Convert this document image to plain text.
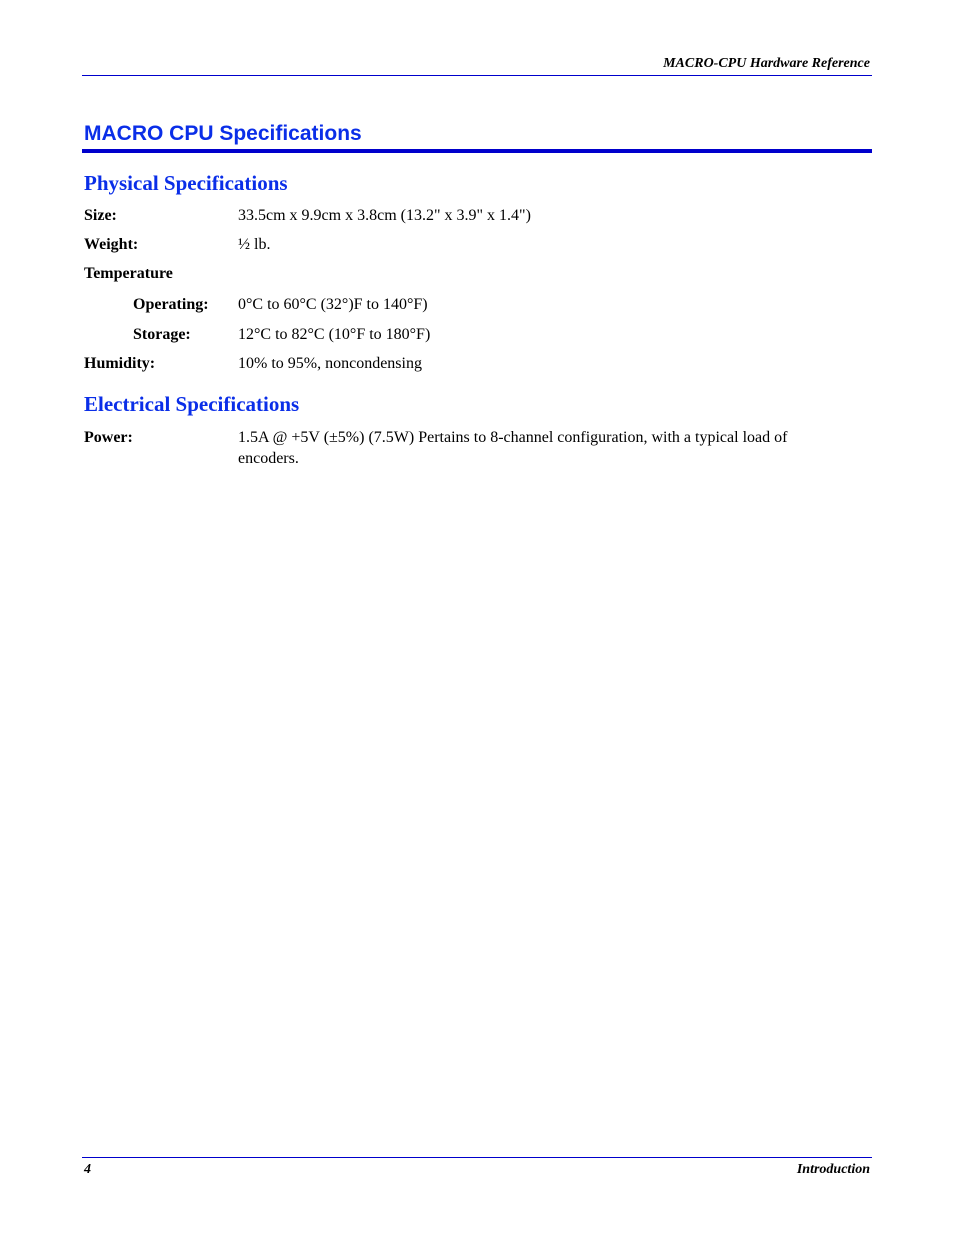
MACRO-CPU Hardware Reference
MACRO CPU Specifications
Physical Specifications
Size:	33.5cm x 9.9cm x 3.8cm (13.2" x 3.9" x 1.4")
Weight:	½ lb.
Temperature
Operating: 0°C to 60°C (32°)F to 140°F)
Storage:	12°C to 82°C (10°F to 180°F)
Humidity:	10% to 95%, noncondensing
Electrical Specifications
Power:	1.5A @ +5V (±5%) (7.5W) Pertains to 8-channel configuration, with a typical load of encoders.
4	Introduction
